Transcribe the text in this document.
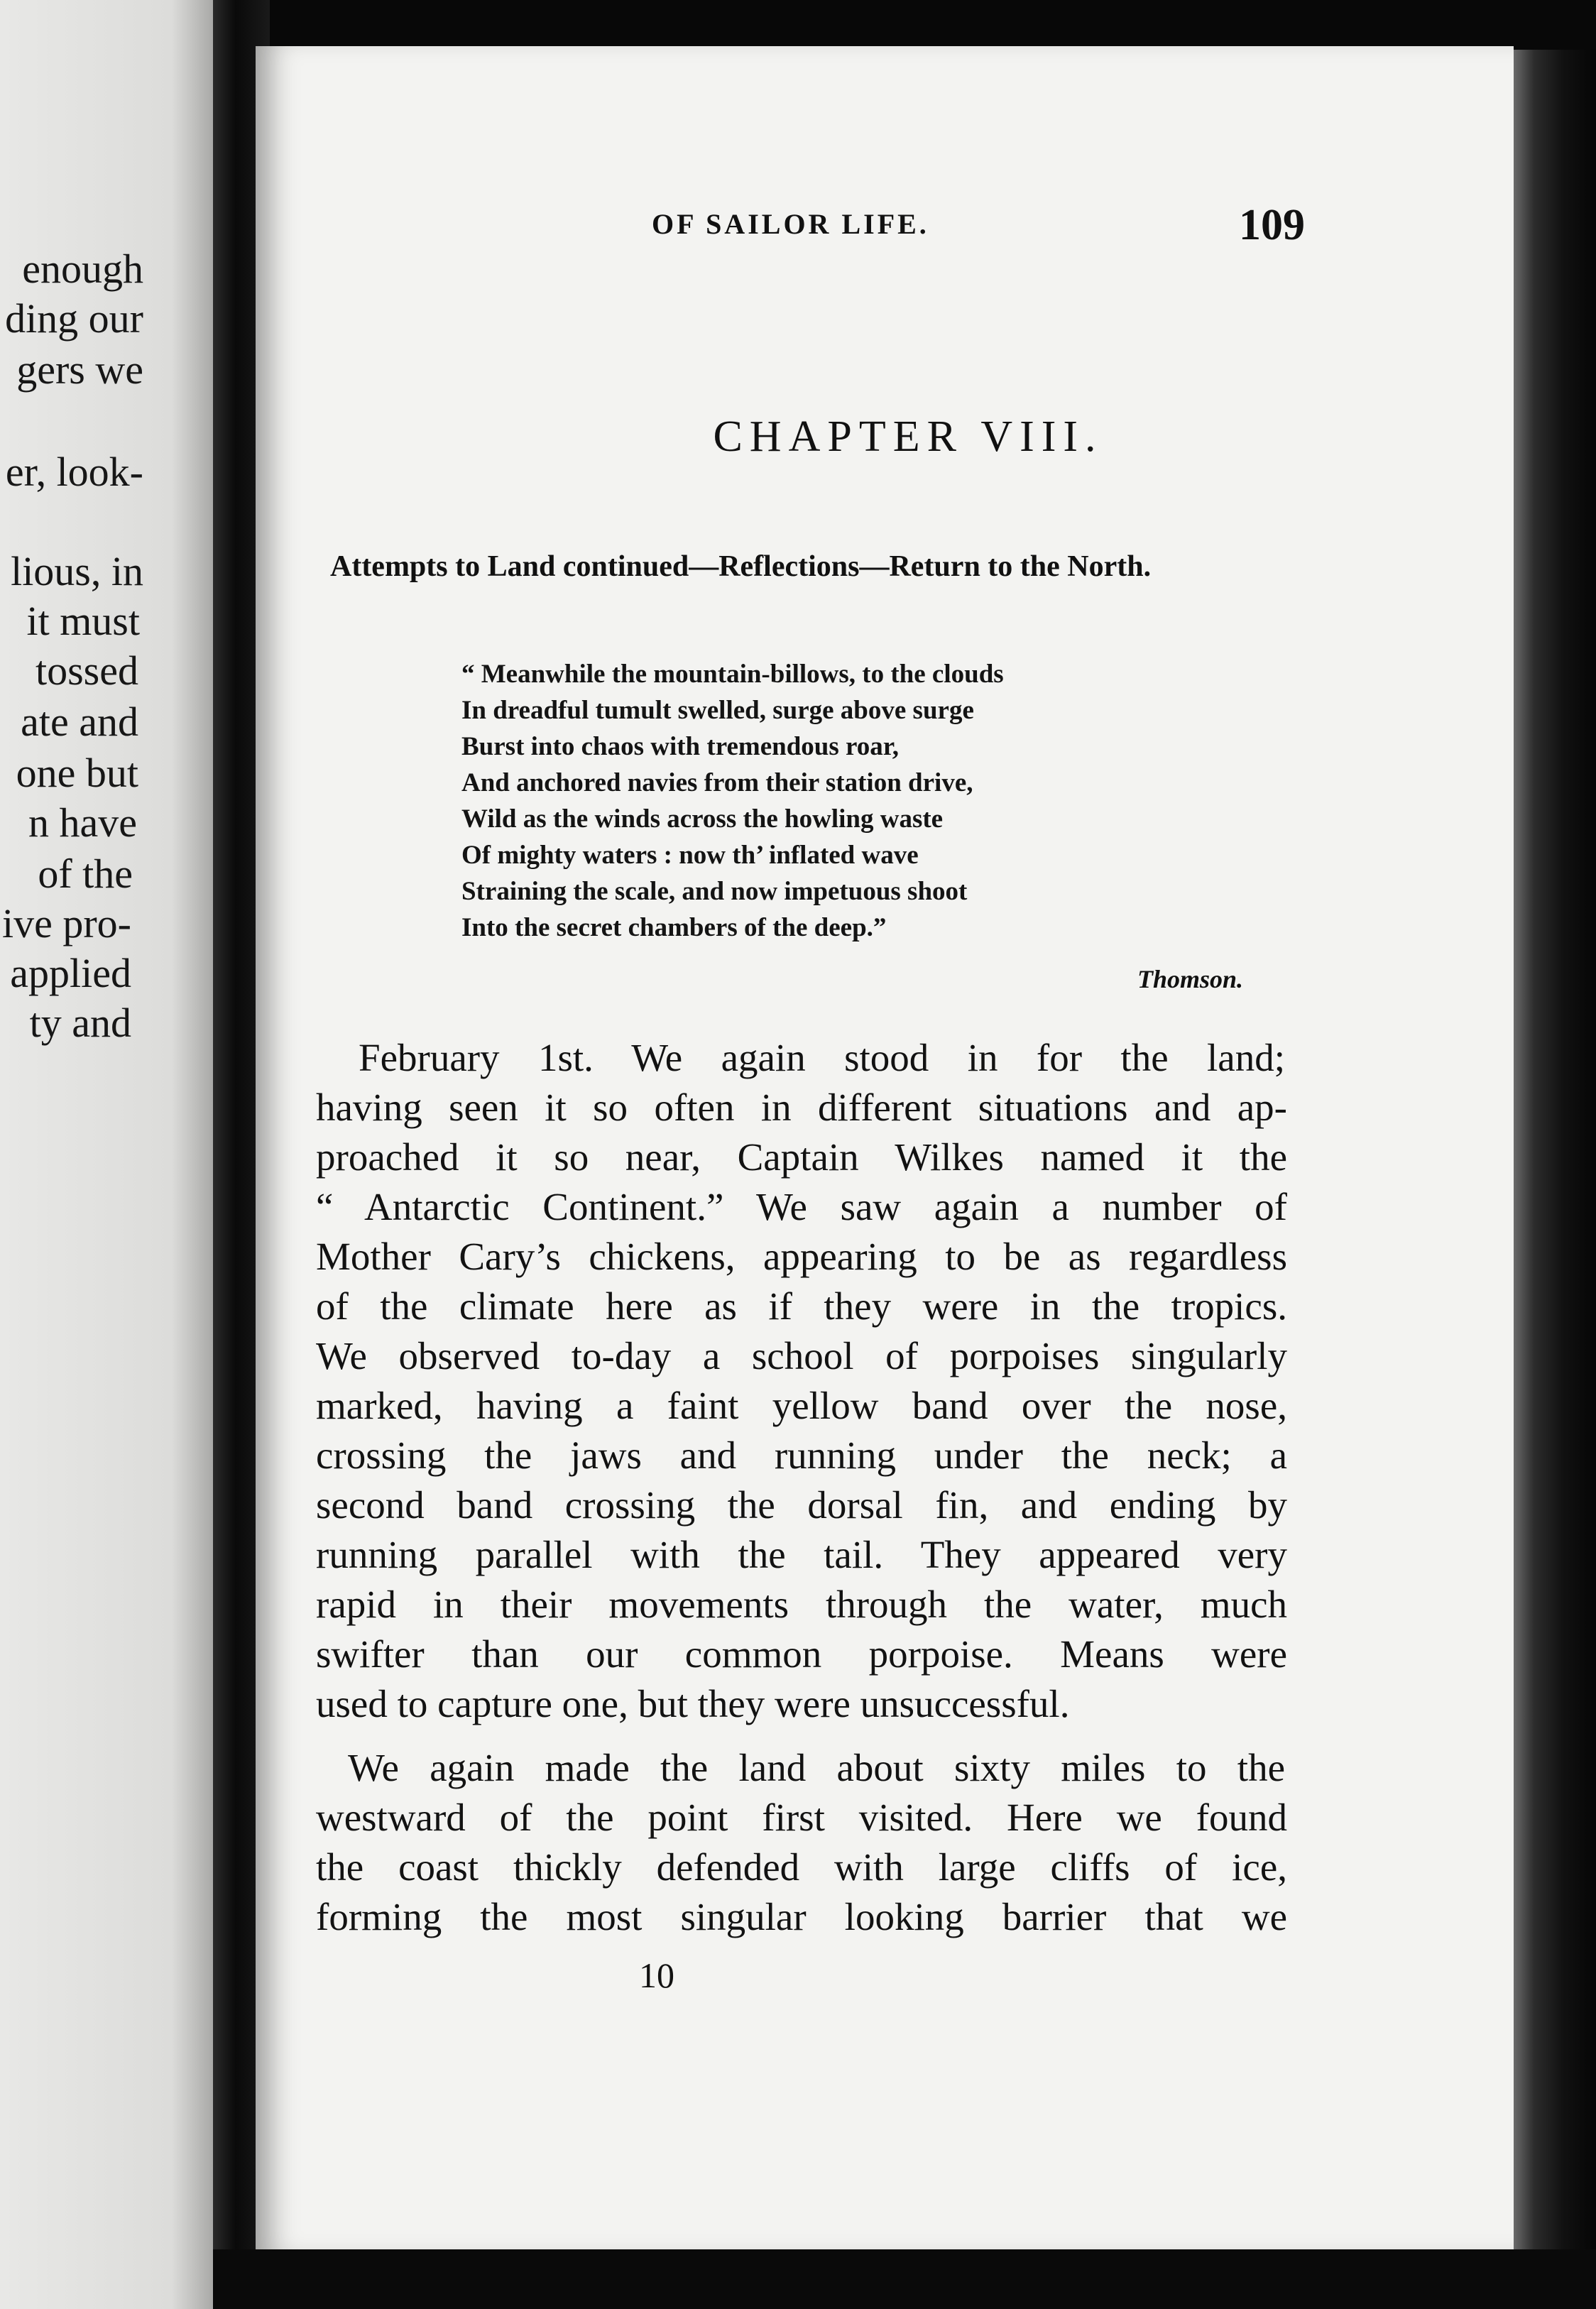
enough

ding our

gers we

er, look-

lious, in

it must

tossed

ate and

one but

n have

of the

ive pro-

applied

ty and

OF SAILOR LIFE.	109

CHAPTER VIII.

Attempts to Land continued—Reflections—Return to the North.

“ Meanwhile the mountain-billows, to the clouds
In dreadful tumult swelled, surge above surge
Burst into chaos with tremendous roar,
And anchored navies from their station drive,
Wild as the winds across the howling waste
Of mighty waters : now th’ inflated wave
Straining the scale, and now impetuous shoot
Into the secret chambers of the deep.”

Thomson.

February 1st. We again stood in for the land;

having seen it so often in different situations and ap-

proached it so near, Captain Wilkes named it the

“ Antarctic Continent.” We saw again a number of

Mother Cary’s chickens, appearing to be as regardless

of the climate here as if they were in the tropics.

We observed to-day a school of porpoises singularly

marked, having a faint yellow band over the nose,

crossing the jaws and running under the neck; a

second band crossing the dorsal fin, and ending by

running parallel with the tail. They appeared very

rapid in their movements through the water, much

swifter than our common porpoise. Means were

used to capture one, but they were unsuccessful.

We again made the land about sixty miles to the

westward of the point first visited. Here we found

the coast thickly defended with large cliffs of ice,

forming the most singular looking barrier that we

10
